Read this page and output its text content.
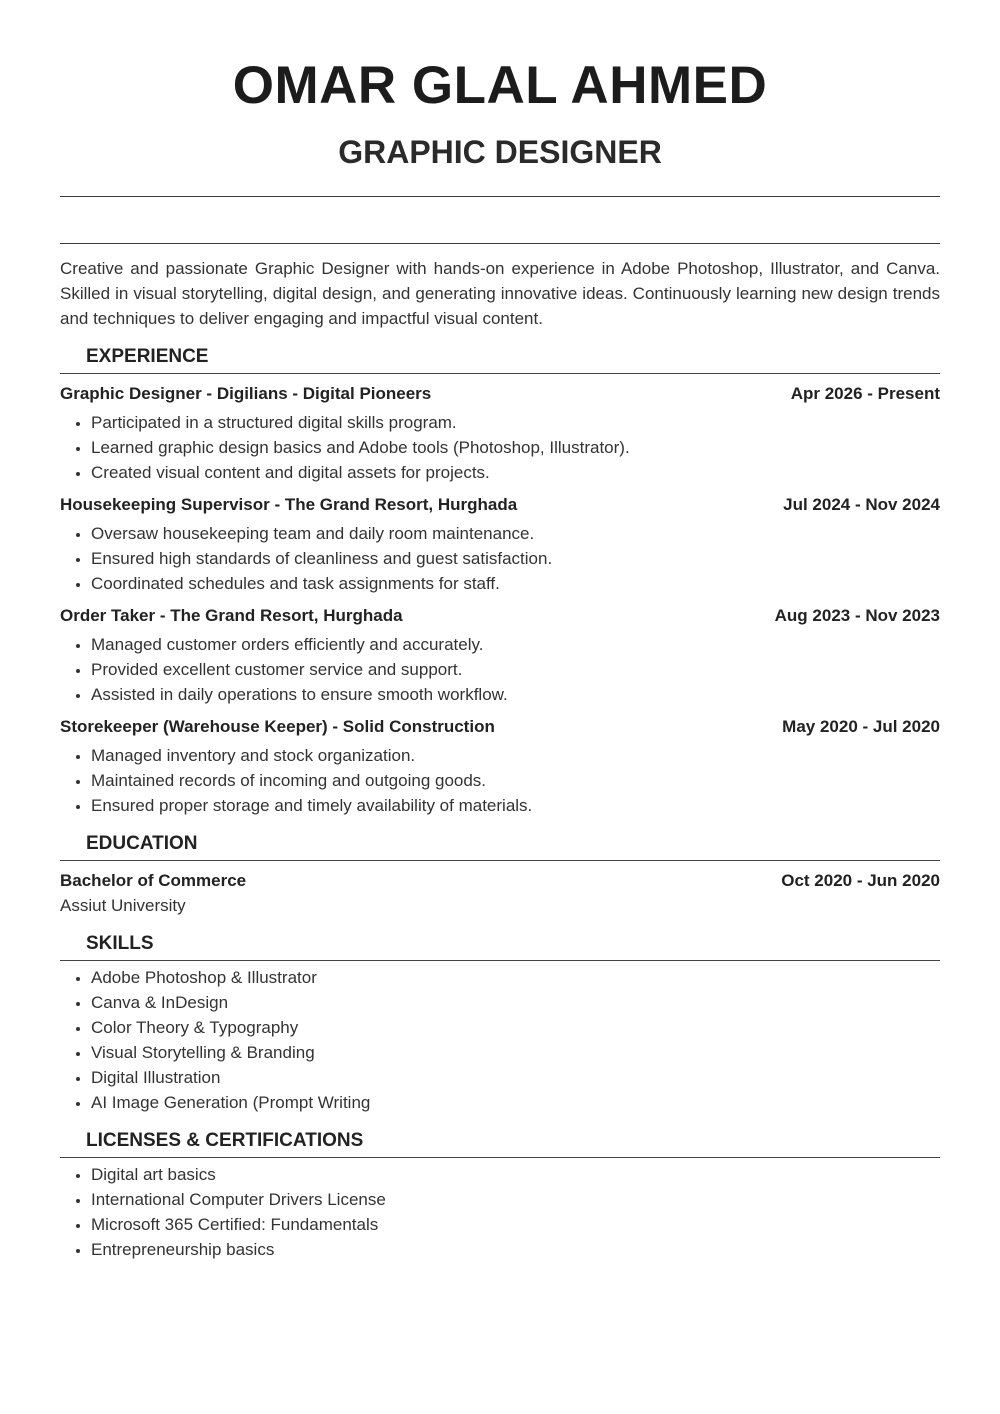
OMAR GLAL AHMED
GRAPHIC DESIGNER

Creative and passionate Graphic Designer with hands-on experience in Adobe Photoshop, Illustrator, and Canva. Skilled in visual storytelling, digital design, and generating innovative ideas. Continuously learning new design trends and techniques to deliver engaging and impactful visual content.

EXPERIENCE
Graphic Designer - Digilians - Digital Pioneers	Apr 2026 - Present
• Participated in a structured digital skills program.
• Learned graphic design basics and Adobe tools (Photoshop, Illustrator).
• Created visual content and digital assets for projects.
Housekeeping Supervisor - The Grand Resort, Hurghada	Jul 2024 - Nov 2024
• Oversaw housekeeping team and daily room maintenance.
• Ensured high standards of cleanliness and guest satisfaction.
• Coordinated schedules and task assignments for staff.
Order Taker - The Grand Resort, Hurghada	Aug 2023 - Nov 2023
• Managed customer orders efficiently and accurately.
• Provided excellent customer service and support.
• Assisted in daily operations to ensure smooth workflow.
Storekeeper (Warehouse Keeper) - Solid Construction	May 2020 - Jul 2020
• Managed inventory and stock organization.
• Maintained records of incoming and outgoing goods.
• Ensured proper storage and timely availability of materials.
EDUCATION
Bachelor of Commerce	Oct 2020 - Jun 2020
Assiut University
SKILLS
• Adobe Photoshop & Illustrator
• Canva & InDesign
• Color Theory & Typography
• Visual Storytelling & Branding
• Digital Illustration
• AI Image Generation (Prompt Writing
LICENSES & CERTIFICATIONS
• Digital art basics
• International Computer Drivers License
• Microsoft 365 Certified: Fundamentals
• Entrepreneurship basics
